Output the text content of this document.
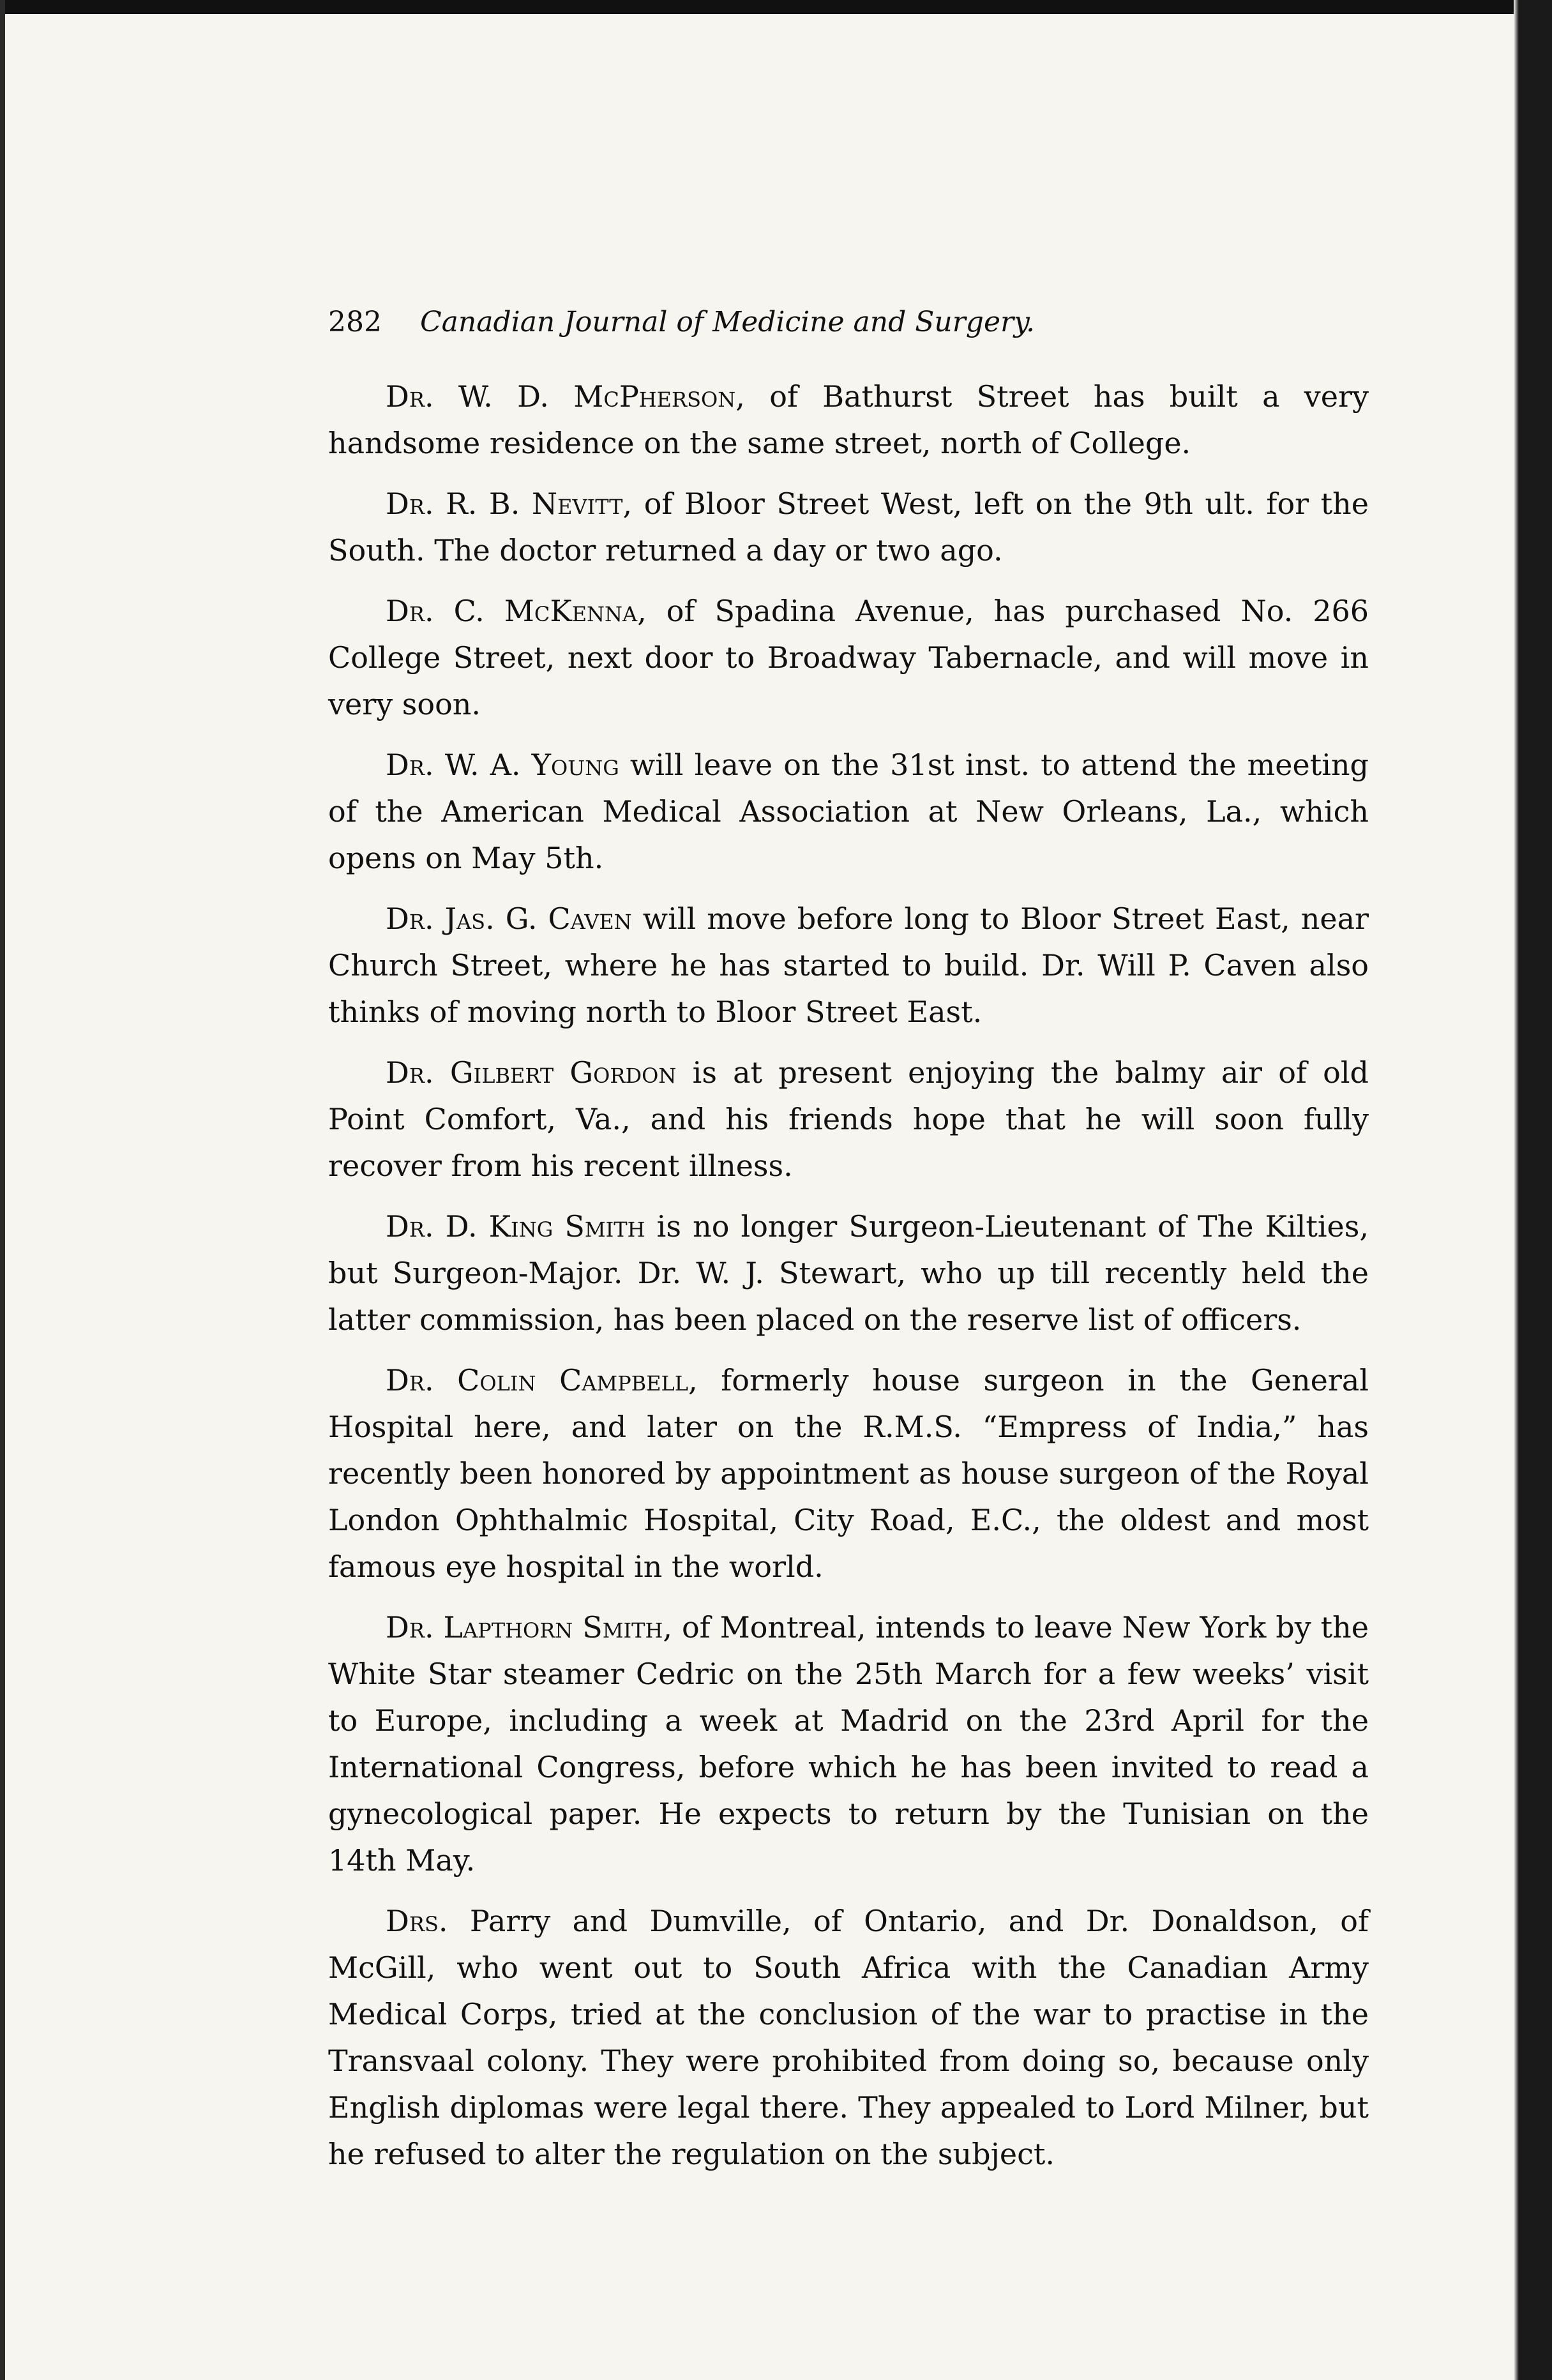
282 Canadian Journal of Medicine and Surgery.

Dr. W. D. McPherson, of Bathurst Street has built a very handsome residence on the same street, north of College.

Dr. R. B. Nevitt, of Bloor Street West, left on the 9th ult. for the South. The doctor returned a day or two ago.

Dr. C. McKenna, of Spadina Avenue, has purchased No. 266 College Street, next door to Broadway Tabernacle, and will move in very soon.

Dr. W. A. Young will leave on the 31st inst. to attend the meeting of the American Medical Association at New Orleans, La., which opens on May 5th.

Dr. Jas. G. Caven will move before long to Bloor Street East, near Church Street, where he has started to build. Dr. Will P. Caven also thinks of moving north to Bloor Street East.

Dr. Gilbert Gordon is at present enjoying the balmy air of old Point Comfort, Va., and his friends hope that he will soon fully recover from his recent illness.

Dr. D. King Smith is no longer Surgeon-Lieutenant of The Kilties, but Surgeon-Major. Dr. W. J. Stewart, who up till recently held the latter commission, has been placed on the reserve list of officers.

Dr. Colin Campbell, formerly house surgeon in the General Hospital here, and later on the R.M.S. “Empress of India,” has recently been honored by appointment as house surgeon of the Royal London Ophthalmic Hospital, City Road, E.C., the oldest and most famous eye hospital in the world.

Dr. Lapthorn Smith, of Montreal, intends to leave New York by the White Star steamer Cedric on the 25th March for a few weeks’ visit to Europe, including a week at Madrid on the 23rd April for the International Congress, before which he has been invited to read a gynecological paper. He expects to return by the Tunisian on the 14th May.

Drs. Parry and Dumville, of Ontario, and Dr. Donaldson, of McGill, who went out to South Africa with the Canadian Army Medical Corps, tried at the conclusion of the war to practise in the Transvaal colony. They were prohibited from doing so, because only English diplomas were legal there. They appealed to Lord Milner, but he refused to alter the regulation on the subject.
